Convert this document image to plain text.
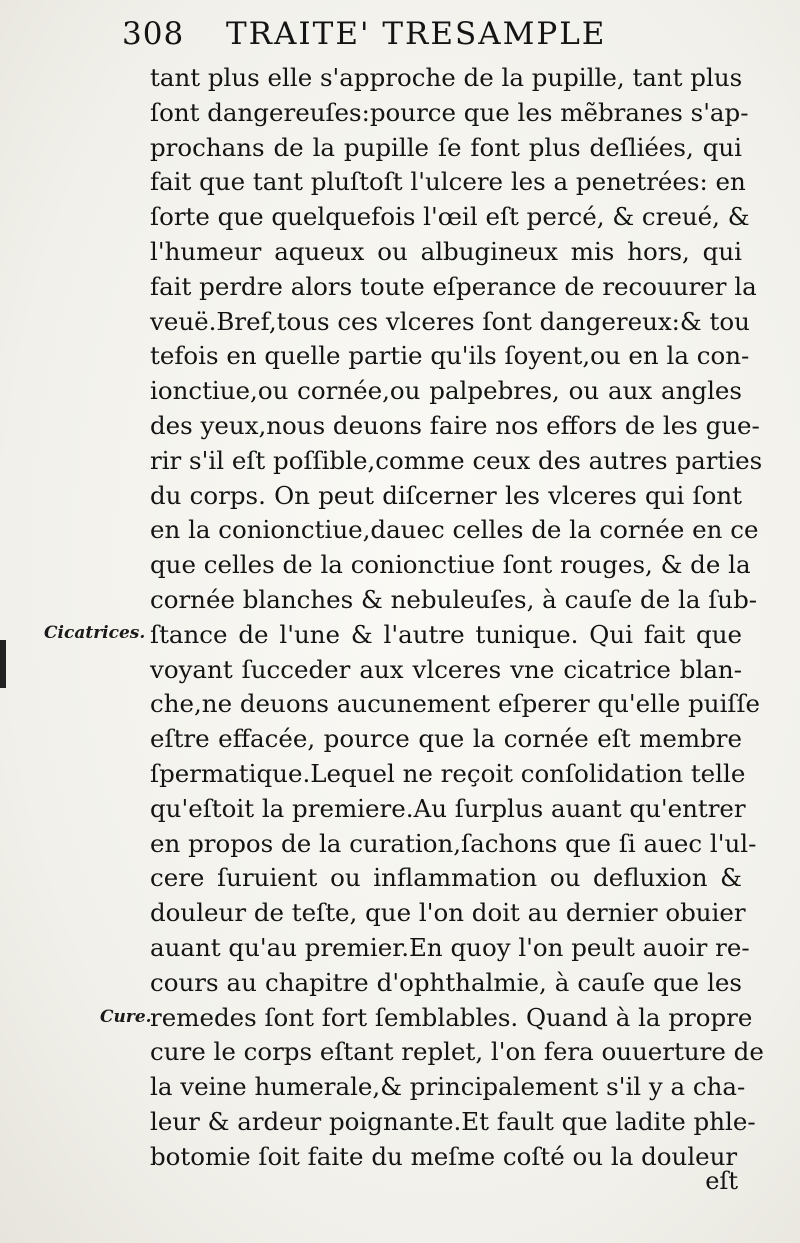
308 TRAITE' TRESAMPLE
tant plus elle s'approche de la pupille, tant plus
ſont dangereuſes:pource que les mẽbranes s'ap-
prochans de la pupille ſe font plus deſliées, qui
fait que tant pluſtoſt l'ulcere les a penetrées: en
ſorte que quelquefois l'œil eſt percé, & creué, &
l'humeur aqueux ou albugineux mis hors, qui
fait perdre alors toute eſperance de recouurer la
veuë.Bref,tous ces vlceres ſont dangereux:& tou
tefois en quelle partie qu'ils ſoyent,ou en la con-
ionctiue,ou cornée,ou palpebres, ou aux angles
des yeux,nous deuons faire nos effors de les gue-
rir s'il eſt poſſible,comme ceux des autres parties
du corps. On peut diſcerner les vlceres qui ſont
en la conionctiue,dauec celles de la cornée en ce
que celles de la conionctiue ſont rouges, & de la
cornée blanches & nebuleuſes, à cauſe de la ſub-
ſtance de l'une & l'autre tunique. Qui fait que
voyant ſucceder aux vlceres vne cicatrice blan-
che,ne deuons aucunement eſperer qu'elle puiſſe
eſtre effacée, pource que la cornée eſt membre
ſpermatique.Lequel ne reçoit conſolidation telle
qu'eſtoit la premiere.Au ſurplus auant qu'entrer
en propos de la curation,ſachons que ſi auec l'ul-
cere ſuruient ou inflammation ou defluxion &
douleur de teſte, que l'on doit au dernier obuier
auant qu'au premier.En quoy l'on peult auoir re-
cours au chapitre d'ophthalmie, à cauſe que les
remedes ſont fort ſemblables. Quand à la propre
cure le corps eſtant replet, l'on fera ouuerture de
la veine humerale,& principalement s'il y a cha-
leur & ardeur poignante.Et fault que ladite phle-
botomie ſoit faite du meſme coſté ou la douleur
Cicatrices.
Cure.
eſt
